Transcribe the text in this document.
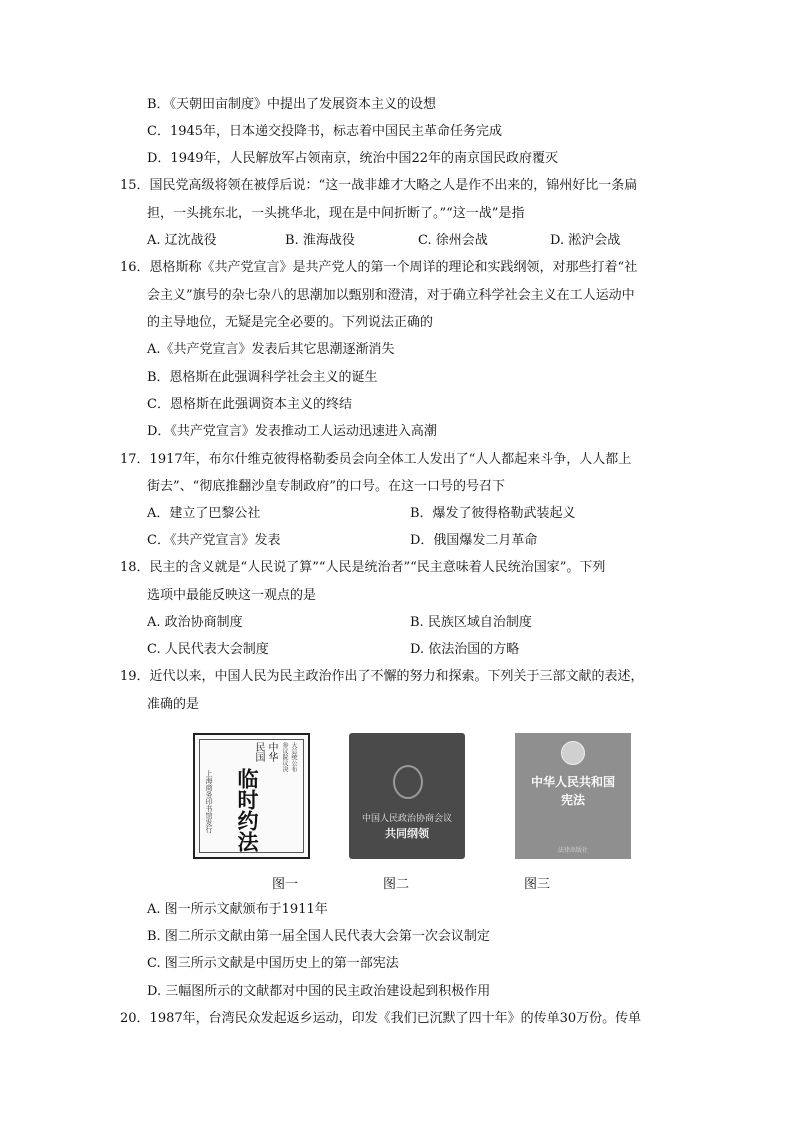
B．《天朝田亩制度》中提出了发展资本主义的设想
C．1945年，日本递交投降书，标志着中国民主革命任务完成
D．1949年，人民解放军占领南京，统治中国22年的南京国民政府覆灭
15．国民党高级将领在被俘后说：“这一战非雄才大略之人是作不出来的，锦州好比一条扁
担，一头挑东北，一头挑华北，现在是中间折断了。”“这一战”是指
A. 辽沈战役	B. 淮海战役	C. 徐州会战	D. 淞沪会战
16．恩格斯称《共产党宣言》是共产党人的第一个周详的理论和实践纲领，对那些打着“社
会主义”旗号的杂七杂八的思潮加以甄别和澄清，对于确立科学社会主义在工人运动中
的主导地位，无疑是完全必要的。下列说法正确的
A.《共产党宣言》发表后其它思潮逐渐消失
B．恩格斯在此强调科学社会主义的诞生
C．恩格斯在此强调资本主义的终结
D．《共产党宣言》发表推动工人运动迅速进入高潮
17．1917年，布尔什维克彼得格勒委员会向全体工人发出了“人人都起来斗争，人人都上
街去”、“彻底推翻沙皇专制政府”的口号。在这一口号的号召下
A．建立了巴黎公社	B．爆发了彼得格勒武装起义
C．《共产党宣言》发表	D．俄国爆发二月革命
18．民主的含义就是“人民说了算”“人民是统治者”“民主意味着人民统治国家”。下列
选项中最能反映这一观点的是
A. 政治协商制度	B. 民族区域自治制度
C. 人民代表大会制度	D. 依法治国的方略
19．近代以来，中国人民为民主政治作出了不懈的努力和探索。下列关于三部文献的表述，
准确的是
中华
民国	大总统公布
参议院议决
临时约法
上海商务印书馆发行	中国人民政治协商会议
共同纲领
中华人民共和国
宪法
法律出版社
图一	图二	图三
A. 图一所示文献颁布于1911年
B. 图二所示文献由第一届全国人民代表大会第一次会议制定
C. 图三所示文献是中国历史上的第一部宪法
D. 三幅图所示的文献都对中国的民主政治建设起到积极作用
20．1987年，台湾民众发起返乡运动，印发《我们已沉默了四十年》的传单30万份。传单
